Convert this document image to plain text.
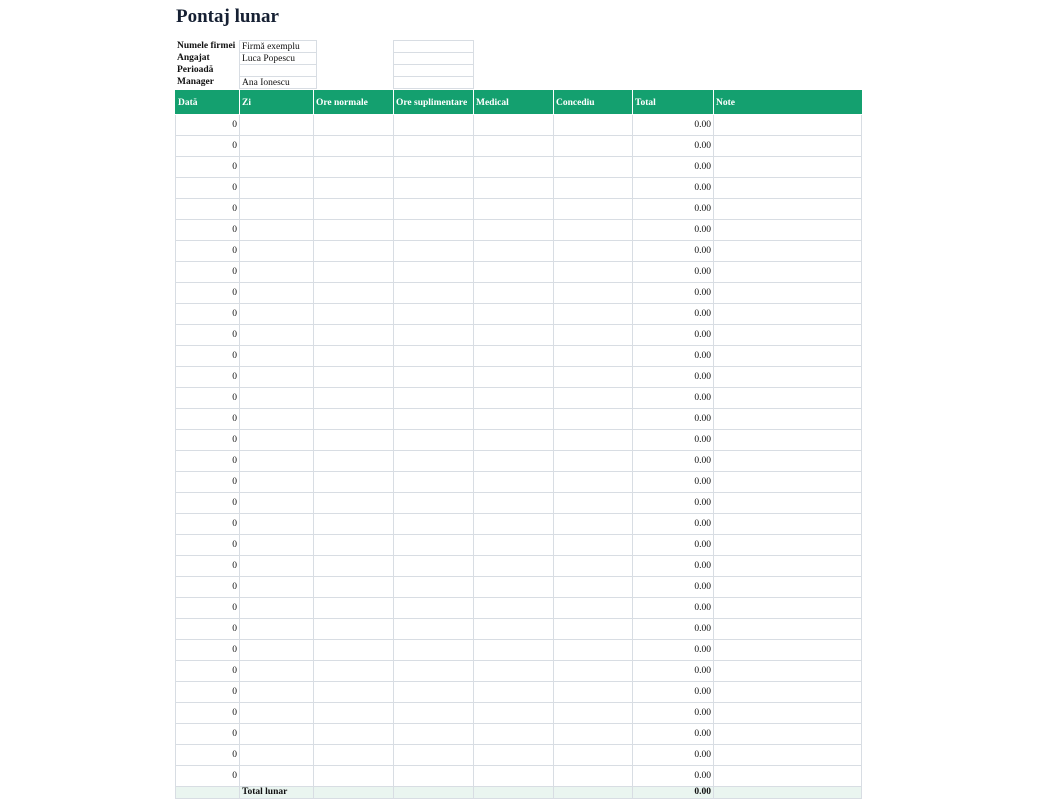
Pontaj lunar
Numele firmei Firmă exemplu
Angajat	Luca Popescu
Perioadă
Manager	Ana Ionescu
Dată	Zi	Ore normale	Ore suplimentare	Medical	Concediu	Total	Note
0						0.00	
0						0.00	
0						0.00	
0						0.00	
0						0.00	
0						0.00	
0						0.00	
0						0.00	
0						0.00	
0						0.00	
0						0.00	
0						0.00	
0						0.00	
0						0.00	
0						0.00	
0						0.00	
0						0.00	
0						0.00	
0						0.00	
0						0.00	
0						0.00	
0						0.00	
0						0.00	
0						0.00	
0						0.00	
0						0.00	
0						0.00	
0						0.00	
0						0.00	
0						0.00	
0						0.00	
0						0.00	
	Total lunar					0.00	
